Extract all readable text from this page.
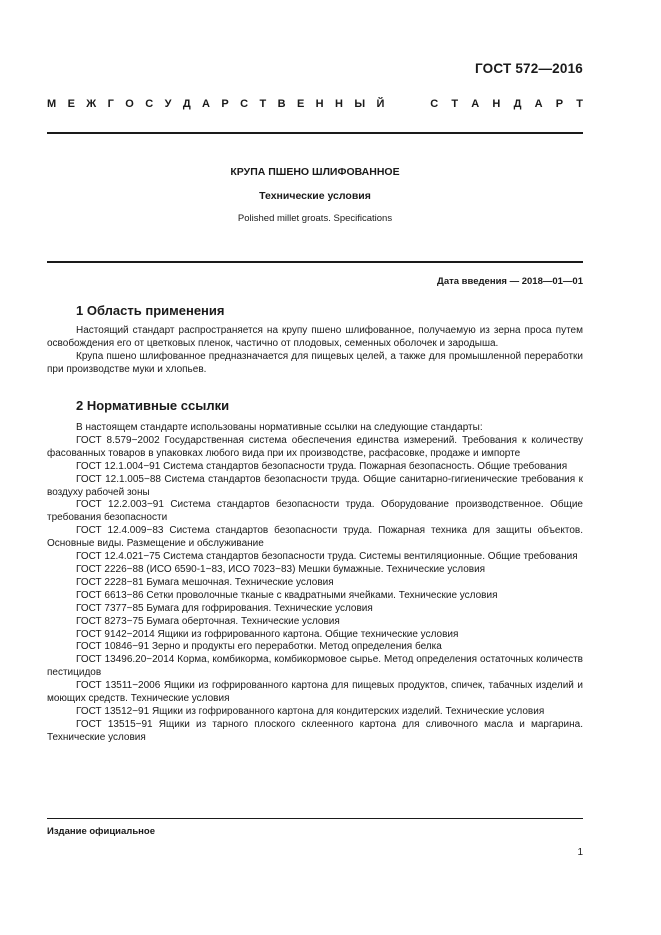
ГОСТ 572—2016
М Е Ж Г О С У Д А Р С Т В Е Н Н Ы Й	С Т А Н Д А Р Т
КРУПА ПШЕНО ШЛИФОВАННОЕ
Технические условия
Polished millet groats. Specifications
Дата введения — 2018—01—01
1 Область применения

Настоящий стандарт распространяется на крупу пшено шлифованное, получаемую из зерна проса путем освобождения его от цветковых пленок, частично от плодовых, семенных оболочек и зародыша.

Крупа пшено шлифованное предназначается для пищевых целей, а также для промышленной переработки при производстве муки и хлопьев.

2 Нормативные ссылки

В настоящем стандарте использованы нормативные ссылки на следующие стандарты:

ГОСТ 8.579−2002 Государственная система обеспечения единства измерений. Требования к количеству фасованных товаров в упаковках любого вида при их производстве, расфасовке, продаже и импорте

ГОСТ 12.1.004−91 Система стандартов безопасности труда. Пожарная безопасность. Общие требования

ГОСТ 12.1.005−88 Система стандартов безопасности труда. Общие санитарно-гигиенические требования к воздуху рабочей зоны

ГОСТ 12.2.003−91 Система стандартов безопасности труда. Оборудование производственное. Общие требования безопасности

ГОСТ 12.4.009−83 Система стандартов безопасности труда. Пожарная техника для защиты объектов. Основные виды. Размещение и обслуживание

ГОСТ 12.4.021−75 Система стандартов безопасности труда. Системы вентиляционные. Общие требования

ГОСТ 2226−88 (ИСО 6590-1−83, ИСО 7023−83) Мешки бумажные. Технические условия

ГОСТ 2228−81 Бумага мешочная. Технические условия

ГОСТ 6613−86 Сетки проволочные тканые с квадратными ячейками. Технические условия

ГОСТ 7377−85 Бумага для гофрирования. Технические условия

ГОСТ 8273−75 Бумага оберточная. Технические условия

ГОСТ 9142−2014 Ящики из гофрированного картона. Общие технические условия

ГОСТ 10846−91 Зерно и продукты его переработки. Метод определения белка

ГОСТ 13496.20−2014 Корма, комбикорма, комбикормовое сырье. Метод определения остаточных количеств пестицидов

ГОСТ 13511−2006 Ящики из гофрированного картона для пищевых продуктов, спичек, табачных изделий и моющих средств. Технические условия

ГОСТ 13512−91 Ящики из гофрированного картона для кондитерских изделий. Технические условия

ГОСТ 13515−91 Ящики из тарного плоского склеенного картона для сливочного масла и маргарина. Технические условия

Издание официальное
1
